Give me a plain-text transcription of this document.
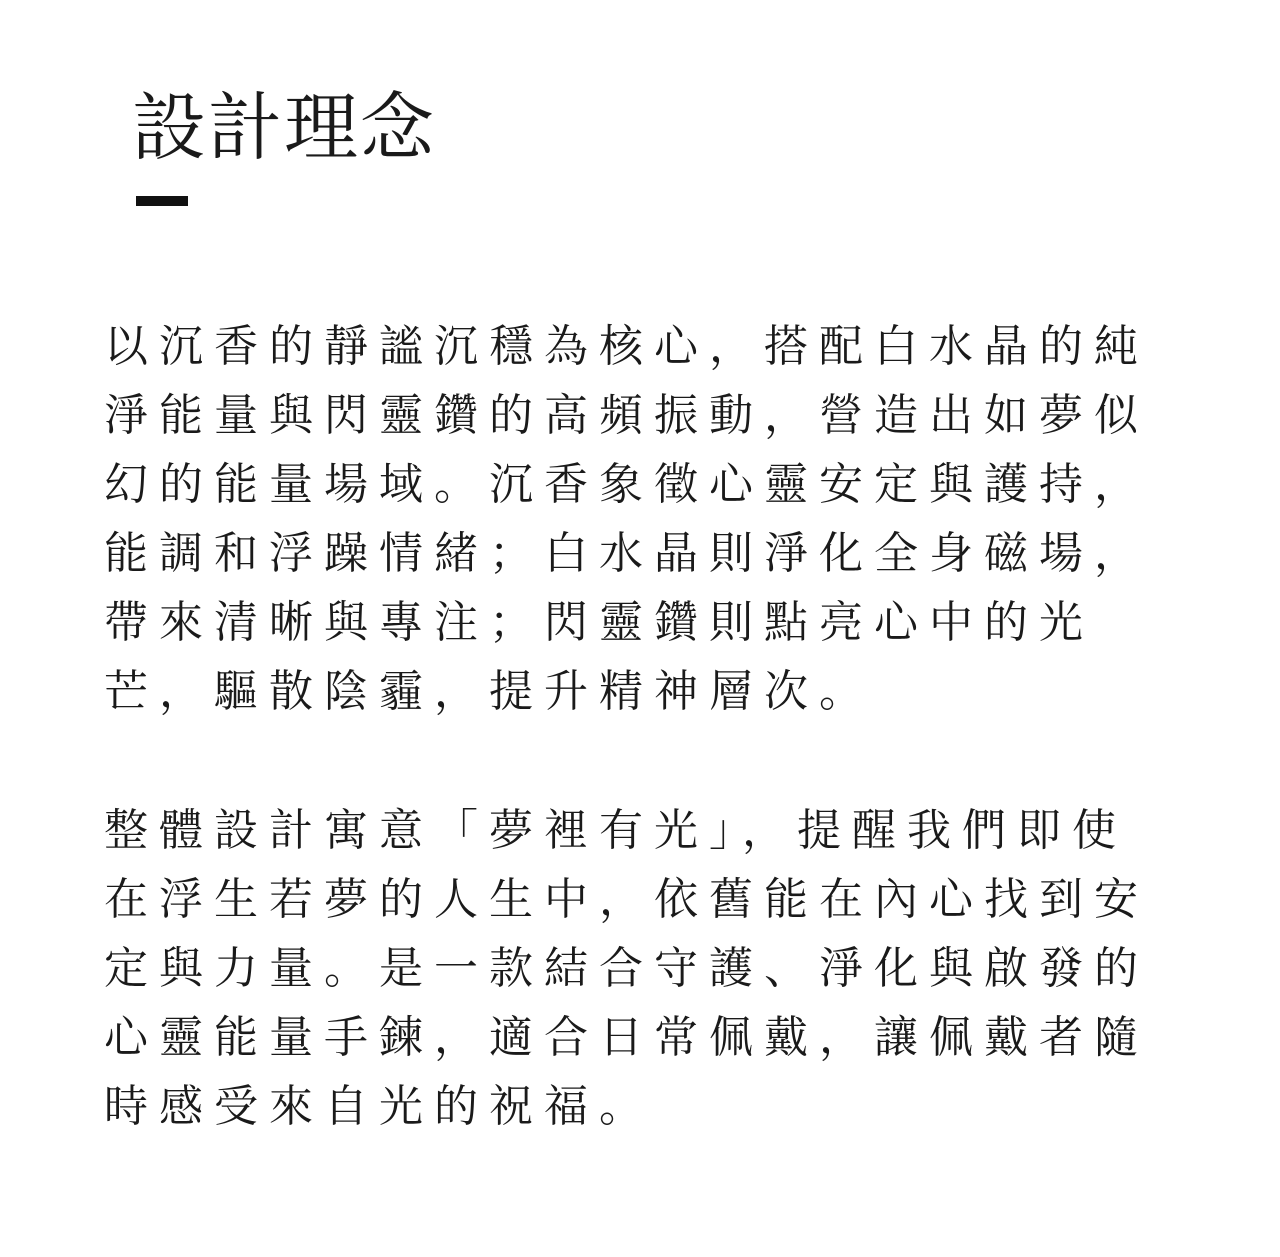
設計理念
以沉香的靜謐沉穩為核心，搭配白水晶的純
淨能量與閃靈鑽的高頻振動，營造出如夢似
幻的能量場域。沉香象徵心靈安定與護持，
能調和浮躁情緒；白水晶則淨化全身磁場，
帶來清晰與專注；閃靈鑽則點亮心中的光
芒，驅散陰霾，提升精神層次。
整體設計寓意「夢裡有光」，提醒我們即使
在浮生若夢的人生中，依舊能在內心找到安
定與力量。是一款結合守護、淨化與啟發的
心靈能量手鍊，適合日常佩戴，讓佩戴者隨
時感受來自光的祝福。
